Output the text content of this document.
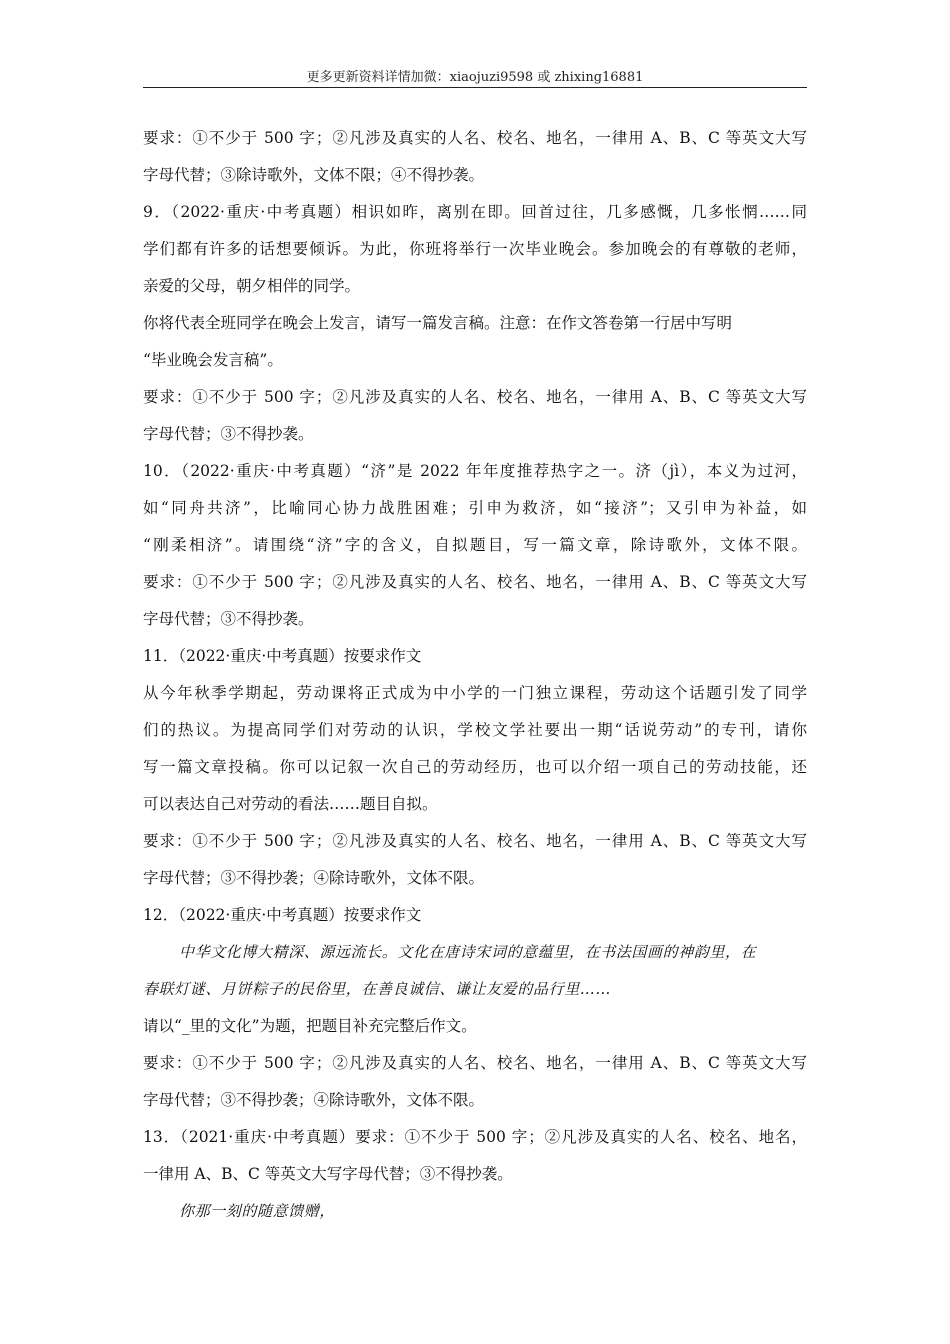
更多更新资料详情加微：xiaojuzi9598 或 zhixing16881
要求：①不少于 500 字；②凡涉及真实的人名、校名、地名，一律用 A、B、C 等英文大写
字母代替；③除诗歌外，文体不限；④不得抄袭。
9．（2022·重庆·中考真题）相识如昨，离别在即。回首过往，几多感慨，几多怅惘……同
学们都有许多的话想要倾诉。为此，你班将举行一次毕业晚会。参加晚会的有尊敬的老师，
亲爱的父母，朝夕相伴的同学。
你将代表全班同学在晚会上发言，请写一篇发言稿。注意：在作文答卷第一行居中写明
“毕业晚会发言稿”。
要求：①不少于 500 字；②凡涉及真实的人名、校名、地名，一律用 A、B、C 等英文大写
字母代替；③不得抄袭。
10．（2022·重庆·中考真题）“济”是 2022 年年度推荐热字之一。济（jì），本义为过河，
如“同舟共济”，比喻同心协力战胜困难；引申为救济，如“接济”；又引申为补益，如
“刚柔相济”。请围绕“济”字的含义，自拟题目，写一篇文章，除诗歌外，文体不限。
要求：①不少于 500 字；②凡涉及真实的人名、校名、地名，一律用 A、B、C 等英文大写
字母代替；③不得抄袭。
11．（2022·重庆·中考真题）按要求作文
从今年秋季学期起，劳动课将正式成为中小学的一门独立课程，劳动这个话题引发了同学
们的热议。为提高同学们对劳动的认识，学校文学社要出一期“话说劳动”的专刊，请你
写一篇文章投稿。你可以记叙一次自己的劳动经历，也可以介绍一项自己的劳动技能，还
可以表达自己对劳动的看法……题目自拟。
要求：①不少于 500 字；②凡涉及真实的人名、校名、地名，一律用 A、B、C 等英文大写
字母代替；③不得抄袭；④除诗歌外，文体不限。
12．（2022·重庆·中考真题）按要求作文
中华文化博大精深、源远流长。文化在唐诗宋词的意蕴里，在书法国画的神韵里，在
春联灯谜、月饼粽子的民俗里，在善良诚信、谦让友爱的品行里……
请以“_里的文化”为题，把题目补充完整后作文。
要求：①不少于 500 字；②凡涉及真实的人名、校名、地名，一律用 A、B、C 等英文大写
字母代替；③不得抄袭；④除诗歌外，文体不限。
13．（2021·重庆·中考真题）要求：①不少于 500 字；②凡涉及真实的人名、校名、地名，
一律用 A、B、C 等英文大写字母代替；③不得抄袭。
你那一刻的随意馈赠，
